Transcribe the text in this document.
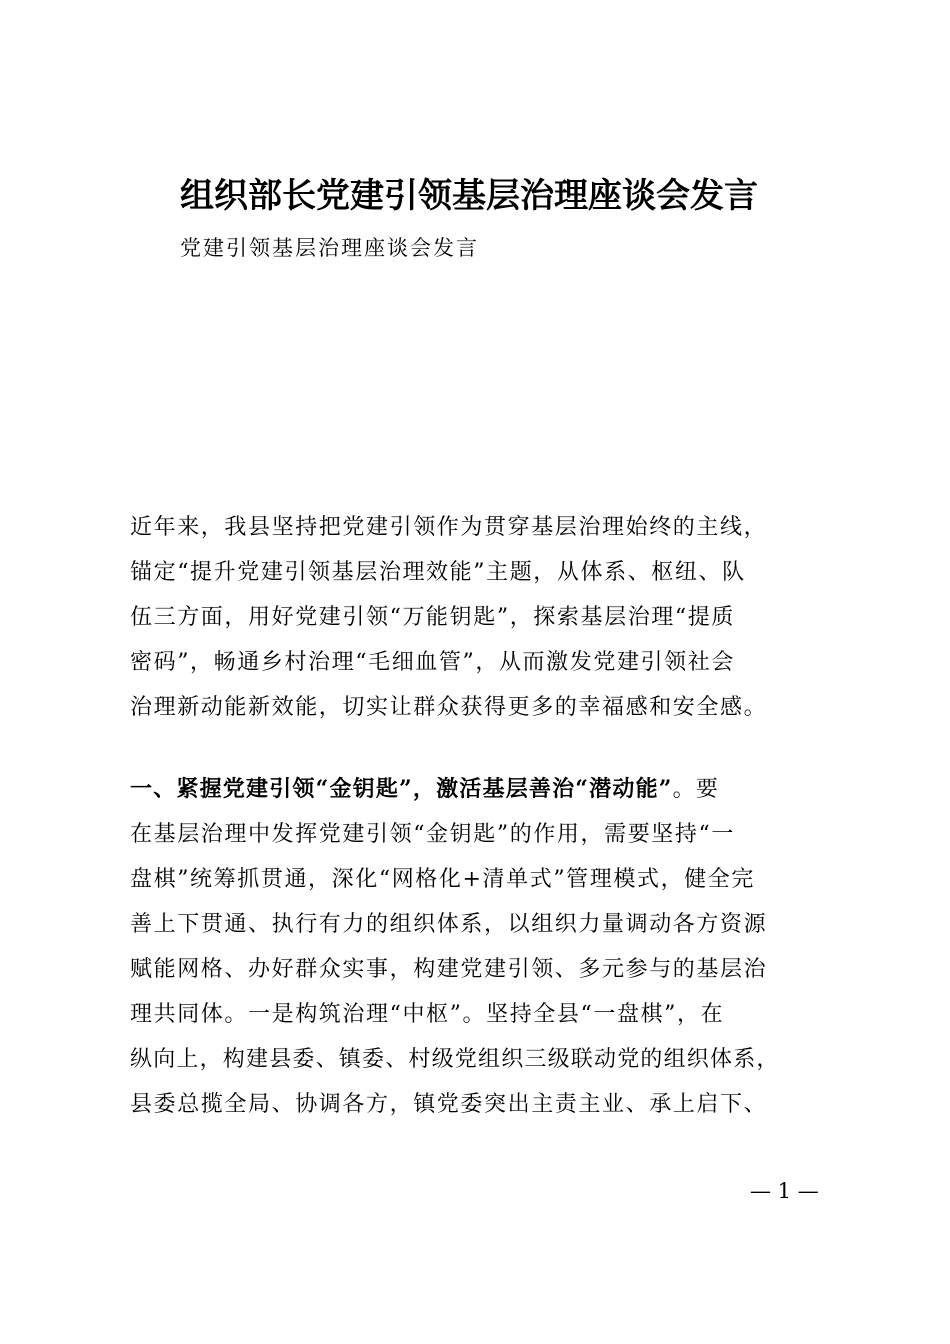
组织部长党建引领基层治理座谈会发言
党建引领基层治理座谈会发言
近年来，我县坚持把党建引领作为贯穿基层治理始终的主线，
锚定“提升党建引领基层治理效能”主题，从体系、枢纽、队
伍三方面，用好党建引领“万能钥匙”，探索基层治理“提质
密码”，畅通乡村治理“毛细血管”，从而激发党建引领社会
治理新动能新效能，切实让群众获得更多的幸福感和安全感。
一、紧握党建引领“金钥匙”，激活基层善治“潜动能”。要
在基层治理中发挥党建引领“金钥匙”的作用，需要坚持“一
盘棋”统筹抓贯通，深化“网格化+清单式”管理模式，健全完
善上下贯通、执行有力的组织体系，以组织力量调动各方资源
赋能网格、办好群众实事，构建党建引领、多元参与的基层治
理共同体。一是构筑治理“中枢”。坚持全县“一盘棋”，在
纵向上，构建县委、镇委、村级党组织三级联动党的组织体系，
县委总揽全局、协调各方，镇党委突出主责主业、承上启下、
— 1 —
